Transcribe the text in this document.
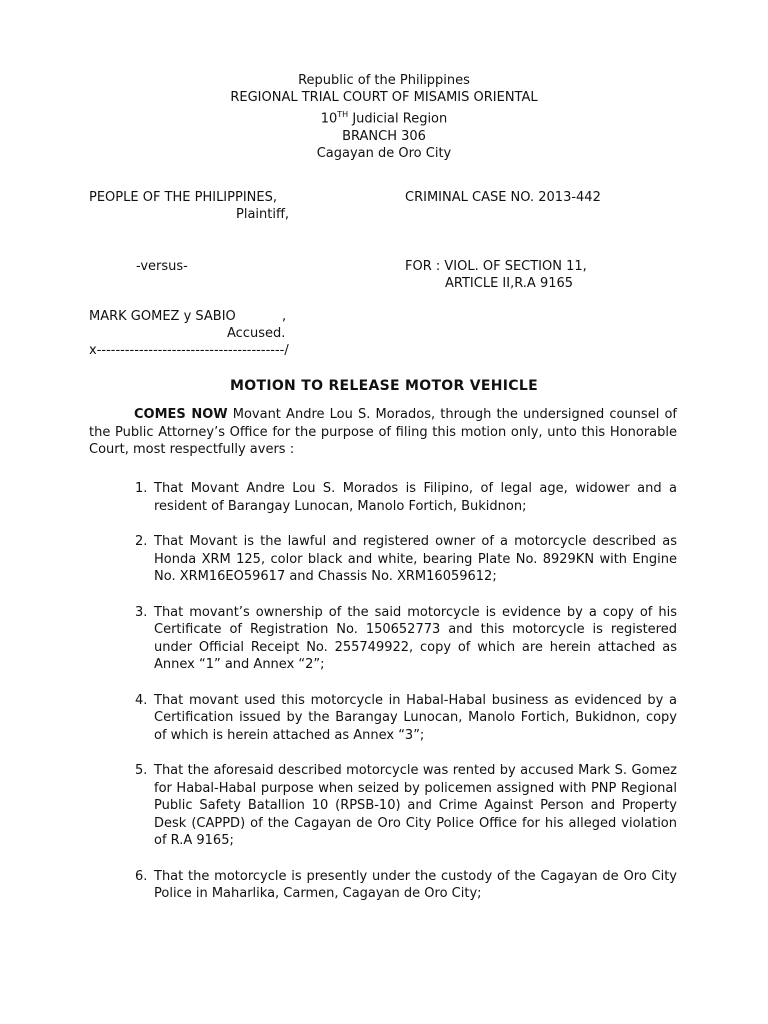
Republic of the Philippines
REGIONAL TRIAL COURT OF MISAMIS ORIENTAL
10TH Judicial Region
BRANCH 306
Cagayan de Oro City
PEOPLE OF THE PHILIPPINES,
Plaintiff,
-versus-
MARK GOMEZ y SABIO	,
Accused.
x----------------------------------------/
CRIMINAL CASE NO. 2013-442
FOR : VIOL. OF SECTION 11,
ARTICLE II,R.A 9165
MOTION TO RELEASE MOTOR VEHICLE
COMES NOW Movant Andre Lou S. Morados, through the undersigned counsel of the Public Attorney’s Office for the purpose of filing this motion only, unto this Honorable Court, most respectfully avers :
1. That Movant Andre Lou S. Morados is Filipino, of legal age, widower and a resident of Barangay Lunocan, Manolo Fortich, Bukidnon;
2. That Movant is the lawful and registered owner of a motorcycle described as Honda XRM 125, color black and white, bearing Plate No. 8929KN with Engine No. XRM16EO59617 and Chassis No. XRM16059612;
3. That movant’s ownership of the said motorcycle is evidence by a copy of his Certificate of Registration No. 150652773 and this motorcycle is registered under Official Receipt No. 255749922, copy of which are herein attached as Annex “1” and Annex “2”;
4. That movant used this motorcycle in Habal-Habal business as evidenced by a Certification issued by the Barangay Lunocan, Manolo Fortich, Bukidnon, copy of which is herein attached as Annex “3”;
5. That the aforesaid described motorcycle was rented by accused Mark S. Gomez for Habal-Habal purpose when seized by policemen assigned with PNP Regional Public Safety Batallion 10 (RPSB-10) and Crime Against Person and Property Desk (CAPPD) of the Cagayan de Oro City Police Office for his alleged violation of R.A 9165;
6. That the motorcycle is presently under the custody of the Cagayan de Oro City Police in Maharlika, Carmen, Cagayan de Oro City;
